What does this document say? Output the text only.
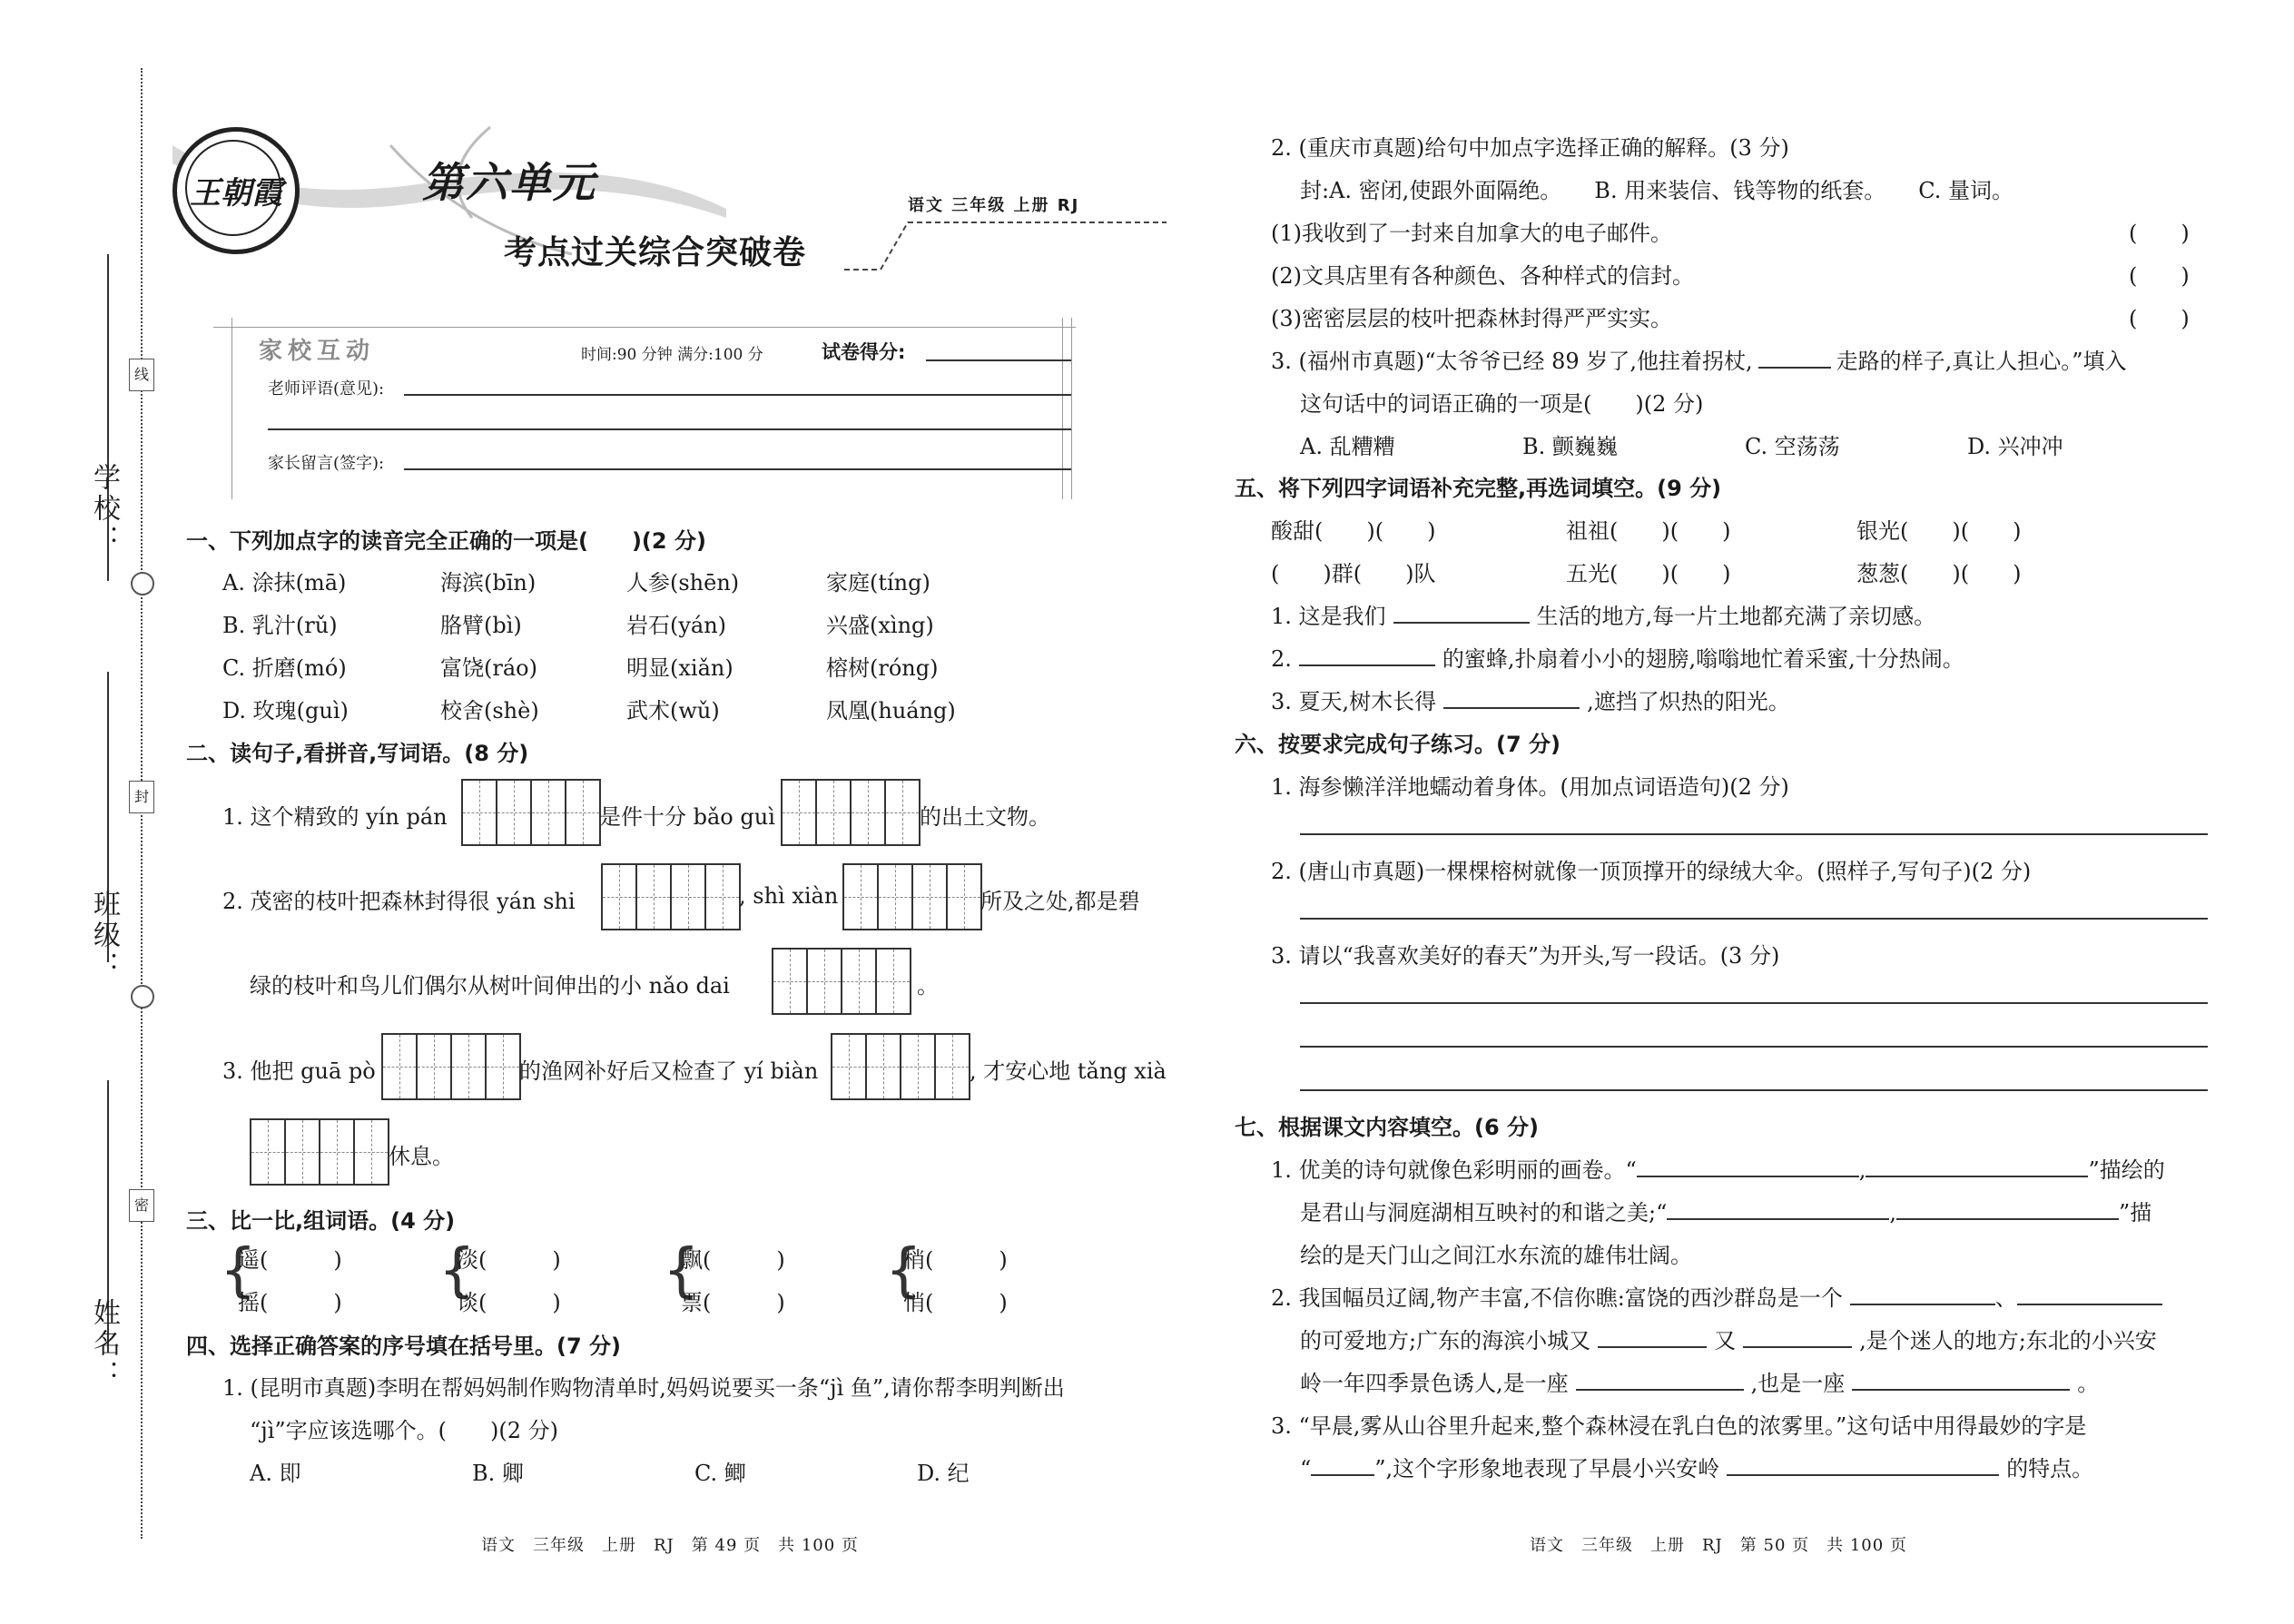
学校：
班级：
姓名：
线
封
密
王朝霞	第六单元
考点过关综合突破卷
语文 三年级 上册 RJ
家校互动	时间:90 分钟 满分:100 分	试卷得分:
老师评语(意见):
家长留言(签字):
一、下列加点字的读音完全正确的一项是(　　)(2 分)
A. 涂抹(mā)	海滨(bīn)	人参(shēn)	家庭(tíng)
B. 乳汁(rǔ)	胳臂(bì)	岩石(yán)	兴盛(xìng)
C. 折磨(mó)	富饶(ráo)	明显(xiǎn)	榕树(róng)
D. 玫瑰(guì)	校舍(shè)	武术(wǔ)	凤凰(huáng)
二、读句子,看拼音,写词语。(8 分)
1. 这个精致的 yín pán	是件十分 bǎo guì	的出土文物。
2. 茂密的枝叶把森林封得很 yán shi	, shì xiàn	所及之处,都是碧
绿的枝叶和鸟儿们偶尔从树叶间伸出的小 nǎo dai	。
3. 他把 guā pò	的渔网补好后又检查了 yí biàn	, 才安心地 tǎng xià
休息。
三、比一比,组词语。(4 分)
{
遥(　　　)
摇(　　　) {
淡(　　　)
谈(　　　) {
飘(　　　)
票(　　　) {
梢(　　　)
悄(　　　)
四、选择正确答案的序号填在括号里。(7 分)
1. (昆明市真题)李明在帮妈妈制作购物清单时,妈妈说要买一条“jì 鱼”,请你帮李明判断出
“jì”字应该选哪个。(　　)(2 分)
A. 即	B. 卿	C. 鲫	D. 纪
语文　三年级　上册　RJ　第 49 页　共 100 页
2. (重庆市真题)给句中加点字选择正确的解释。(3 分)
封:A. 密闭,使跟外面隔绝。　　B. 用来装信、钱等物的纸套。　　C. 量词。
(1)我收到了一封来自加拿大的电子邮件。	(　　)
(2)文具店里有各种颜色、各种样式的信封。	(　　)
(3)密密层层的枝叶把森林封得严严实实。	(　　)
3. (福州市真题)“太爷爷已经 89 岁了,他拄着拐杖,	走路的样子,真让人担心。”填入
这句话中的词语正确的一项是(　　)(2 分)
A. 乱糟糟	B. 颤巍巍	C. 空荡荡	D. 兴冲冲
五、将下列四字词语补充完整,再选词填空。(9 分)
酸甜(　　)(　　)	祖祖(　　)(　　)	银光(　　)(　　)
(　　)群(　　)队	五光(　　)(　　)	葱葱(　　)(　　)
1. 这是我们	生活的地方,每一片土地都充满了亲切感。
2.	的蜜蜂,扑扇着小小的翅膀,嗡嗡地忙着采蜜,十分热闹。
3. 夏天,树木长得	,遮挡了炽热的阳光。
六、按要求完成句子练习。(7 分)
1. 海参懒洋洋地蠕动着身体。(用加点词语造句)(2 分)
2. (唐山市真题)一棵棵榕树就像一顶顶撑开的绿绒大伞。(照样子,写句子)(2 分)
3. 请以“我喜欢美好的春天”为开头,写一段话。(3 分)
七、根据课文内容填空。(6 分)
1. 优美的诗句就像色彩明丽的画卷。“	,	”描绘的
是君山与洞庭湖相互映衬的和谐之美;“	,	”描
绘的是天门山之间江水东流的雄伟壮阔。
2. 我国幅员辽阔,物产丰富,不信你瞧:富饶的西沙群岛是一个	、
的可爱地方;广东的海滨小城又	又	,是个迷人的地方;东北的小兴安
岭一年四季景色诱人,是一座	,也是一座	。
3. “早晨,雾从山谷里升起来,整个森林浸在乳白色的浓雾里。”这句话中用得最妙的字是
“	”,这个字形象地表现了早晨小兴安岭	的特点。
语文　三年级　上册　RJ　第 50 页　共 100 页
